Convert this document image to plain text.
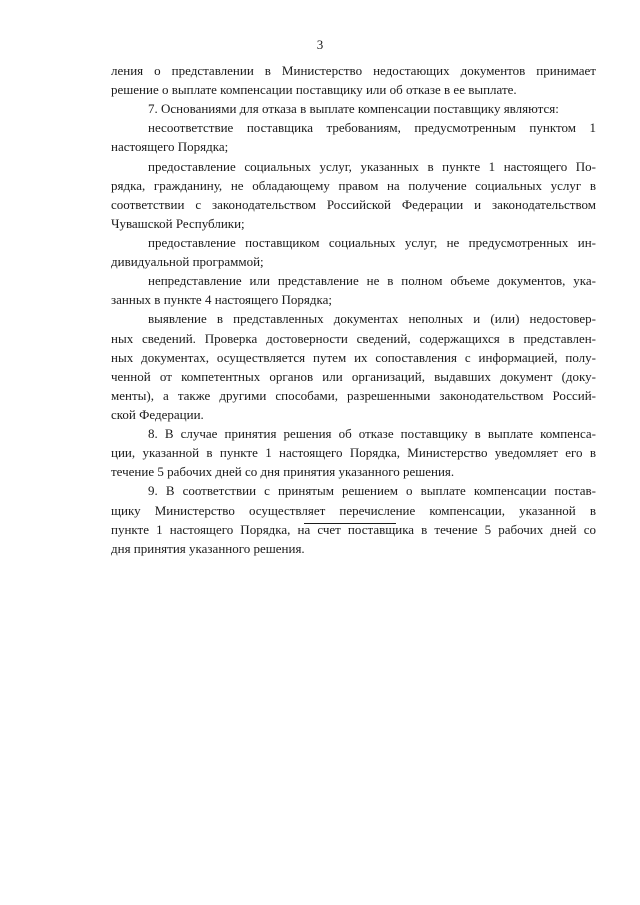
3
ления о представлении в Министерство недостающих документов принимает
решение о выплате компенсации поставщику или об отказе в ее выплате.
7. Основаниями для отказа в выплате компенсации поставщику являются:
несоответствие поставщика требованиям, предусмотренным пунктом 1
настоящего Порядка;
предоставление социальных услуг, указанных в пункте 1 настоящего По-
рядка, гражданину, не обладающему правом на получение социальных услуг в
соответствии с законодательством Российской Федерации и законодательством
Чувашской Республики;
предоставление поставщиком социальных услуг, не предусмотренных ин-
дивидуальной программой;
непредставление или представление не в полном объеме документов, ука-
занных в пункте 4 настоящего Порядка;
выявление в представленных документах неполных и (или) недостовер-
ных сведений. Проверка достоверности сведений, содержащихся в представлен-
ных документах, осуществляется путем их сопоставления с информацией, полу-
ченной от компетентных органов или организаций, выдавших документ (доку-
менты), а также другими способами, разрешенными законодательством Россий-
ской Федерации.
8. В случае принятия решения об отказе поставщику в выплате компенса-
ции, указанной в пункте 1 настоящего Порядка, Министерство уведомляет его в
течение 5 рабочих дней со дня принятия указанного решения.
9. В соответствии с принятым решением о выплате компенсации постав-
щику Министерство осуществляет перечисление компенсации, указанной в
пункте 1 настоящего Порядка, на счет поставщика в течение 5 рабочих дней со
дня принятия указанного решения.
